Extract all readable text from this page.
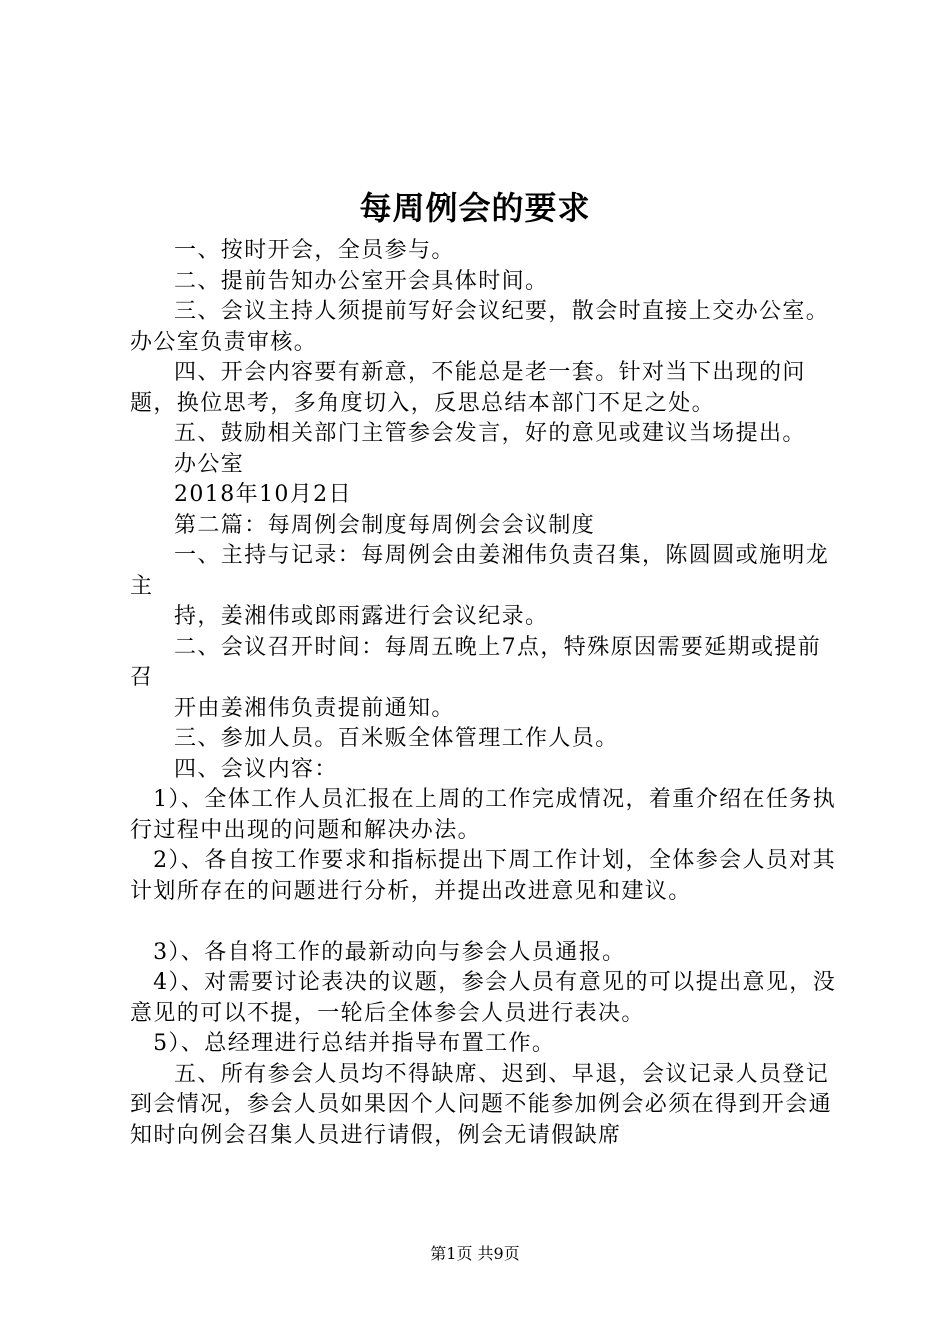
每周例会的要求

一、按时开会，全员参与。

二、提前告知办公室开会具体时间。

三、会议主持人须提前写好会议纪要，散会时直接上交办公室。办公室负责审核。

四、开会内容要有新意，不能总是老一套。针对当下出现的问题，换位思考，多角度切入，反思总结本部门不足之处。

五、鼓励相关部门主管参会发言，好的意见或建议当场提出。

办公室

2018年10月2日

第二篇：每周例会制度每周例会会议制度

一、主持与记录：每周例会由姜湘伟负责召集，陈圆圆或施明龙主

持，姜湘伟或郎雨露进行会议纪录。

二、会议召开时间：每周五晚上7点，特殊原因需要延期或提前召

开由姜湘伟负责提前通知。

三、参加人员。百米贩全体管理工作人员。

四、会议内容：

1）、全体工作人员汇报在上周的工作完成情况，着重介绍在任务执行过程中出现的问题和解决办法。

2）、各自按工作要求和指标提出下周工作计划，全体参会人员对其计划所存在的问题进行分析，并提出改进意见和建议。

3）、各自将工作的最新动向与参会人员通报。

4）、对需要讨论表决的议题，参会人员有意见的可以提出意见，没意见的可以不提，一轮后全体参会人员进行表决。

5）、总经理进行总结并指导布置工作。

五、所有参会人员均不得缺席、迟到、早退，会议记录人员登记到会情况，参会人员如果因个人问题不能参加例会必须在得到开会通知时向例会召集人员进行请假，例会无请假缺席

第1页 共9页
